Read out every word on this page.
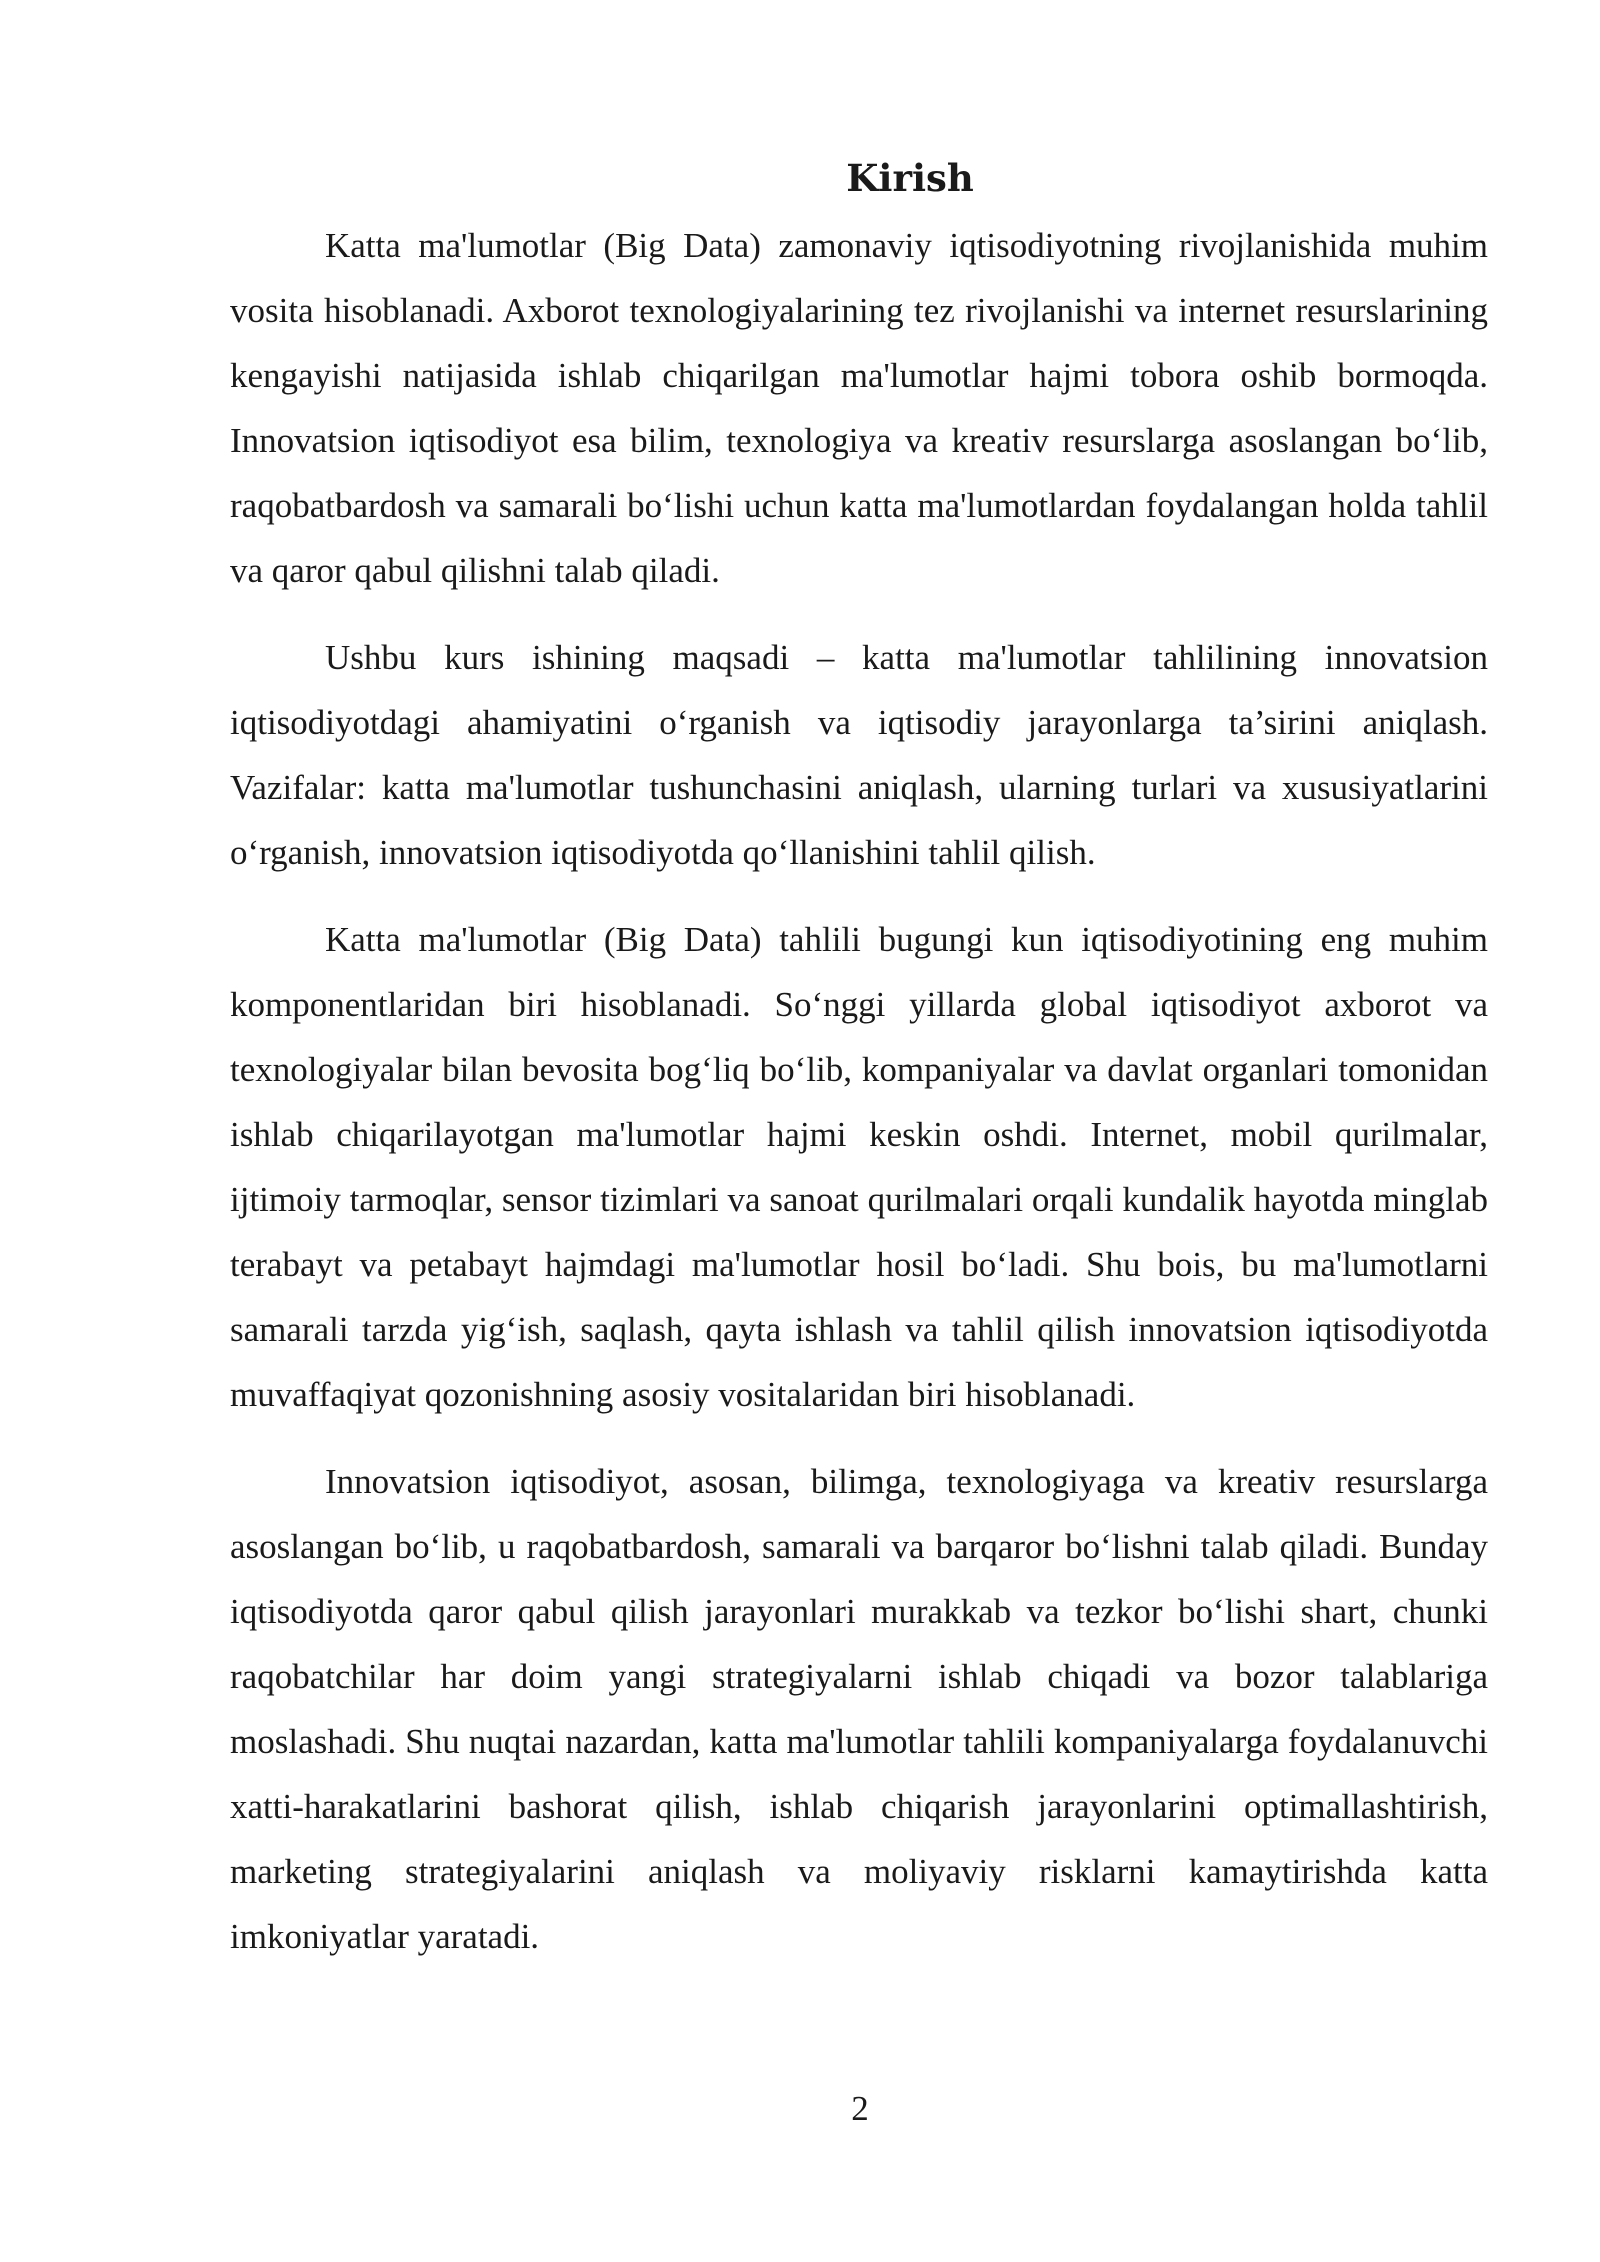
Kirish

Katta ma'lumotlar (Big Data) zamonaviy iqtisodiyotning rivojlanishida muhim vosita hisoblanadi. Axborot texnologiyalarining tez rivojlanishi va internet resurslarining kengayishi natijasida ishlab chiqarilgan ma'lumotlar hajmi tobora oshib bormoqda. Innovatsion iqtisodiyot esa bilim, texnologiya va kreativ resurslarga asoslangan bo‘lib, raqobatbardosh va samarali bo‘lishi uchun katta ma'lumotlardan foydalangan holda tahlil va qaror qabul qilishni talab qiladi.

Ushbu kurs ishining maqsadi – katta ma'lumotlar tahlilining innovatsion iqtisodiyotdagi ahamiyatini o‘rganish va iqtisodiy jarayonlarga ta’sirini aniqlash. Vazifalar: katta ma'lumotlar tushunchasini aniqlash, ularning turlari va xususiyatlarini o‘rganish, innovatsion iqtisodiyotda qo‘llanishini tahlil qilish.

Katta ma'lumotlar (Big Data) tahlili bugungi kun iqtisodiyotining eng muhim komponentlaridan biri hisoblanadi. So‘nggi yillarda global iqtisodiyot axborot va texnologiyalar bilan bevosita bog‘liq bo‘lib, kompaniyalar va davlat organlari tomonidan ishlab chiqarilayotgan ma'lumotlar hajmi keskin oshdi. Internet, mobil qurilmalar, ijtimoiy tarmoqlar, sensor tizimlari va sanoat qurilmalari orqali kundalik hayotda minglab terabayt va petabayt hajmdagi ma'lumotlar hosil bo‘ladi. Shu bois, bu ma'lumotlarni samarali tarzda yig‘ish, saqlash, qayta ishlash va tahlil qilish innovatsion iqtisodiyotda muvaffaqiyat qozonishning asosiy vositalaridan biri hisoblanadi.

Innovatsion iqtisodiyot, asosan, bilimga, texnologiyaga va kreativ resurslarga asoslangan bo‘lib, u raqobatbardosh, samarali va barqaror bo‘lishni talab qiladi. Bunday iqtisodiyotda qaror qabul qilish jarayonlari murakkab va tezkor bo‘lishi shart, chunki raqobatchilar har doim yangi strategiyalarni ishlab chiqadi va bozor talablariga moslashadi. Shu nuqtai nazardan, katta ma'lumotlar tahlili kompaniyalarga foydalanuvchi xatti-harakatlarini bashorat qilish, ishlab chiqarish jarayonlarini optimallashtirish, marketing strategiyalarini aniqlash va moliyaviy risklarni kamaytirishda katta imkoniyatlar yaratadi.

2
